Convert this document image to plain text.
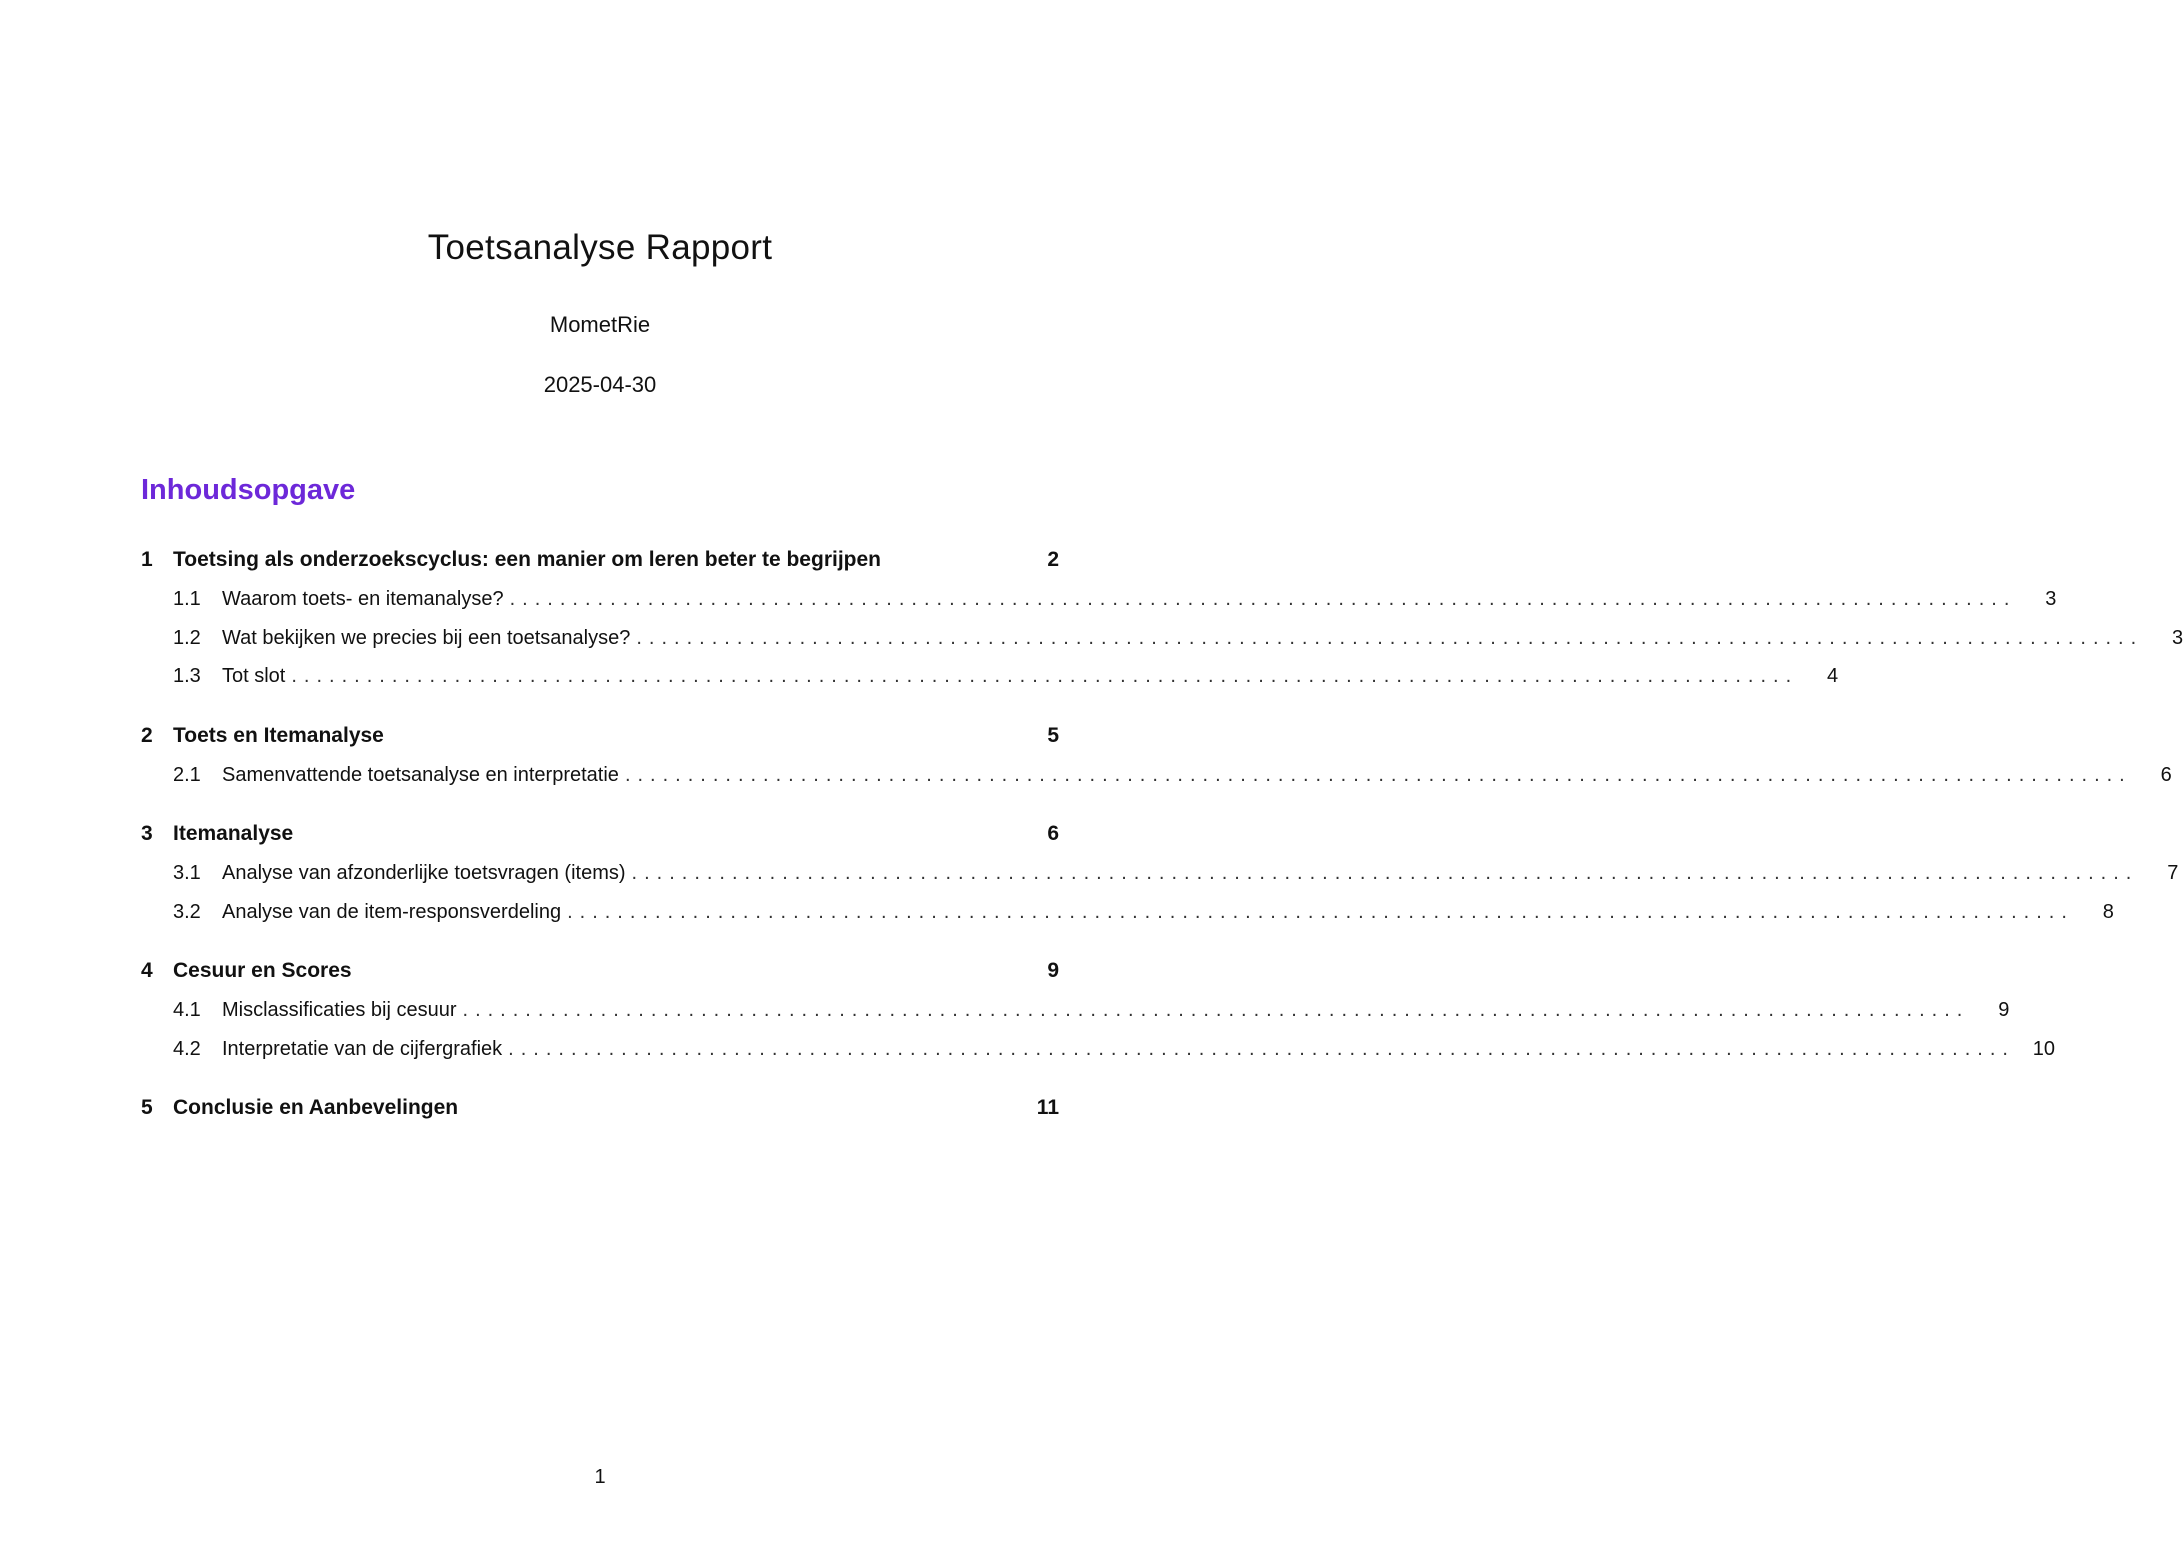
Toetsanalyse Rapport
MometRie
2025-04-30
Inhoudsopgave
1 Toetsing als onderzoekscyclus: een manier om leren beter te begrijpen	2
1.1	Waarom toets- en itemanalyse? ........................................................................................................................	3
1.2	Wat bekijken we precies bij een toetsanalyse? ........................................................................................................................	3
1.3	Tot slot ........................................................................................................................	4
2 Toets en Itemanalyse	5
2.1	Samenvattende toetsanalyse en interpretatie ........................................................................................................................	6
3 Itemanalyse	6
3.1	Analyse van afzonderlijke toetsvragen (items) ........................................................................................................................	7
3.2	Analyse van de item-responsverdeling ........................................................................................................................	8
4 Cesuur en Scores	9
4.1	Misclassificaties bij cesuur ........................................................................................................................	9
4.2	Interpretatie van de cijfergrafiek ........................................................................................................................ 10
5 Conclusie en Aanbevelingen	11
1
